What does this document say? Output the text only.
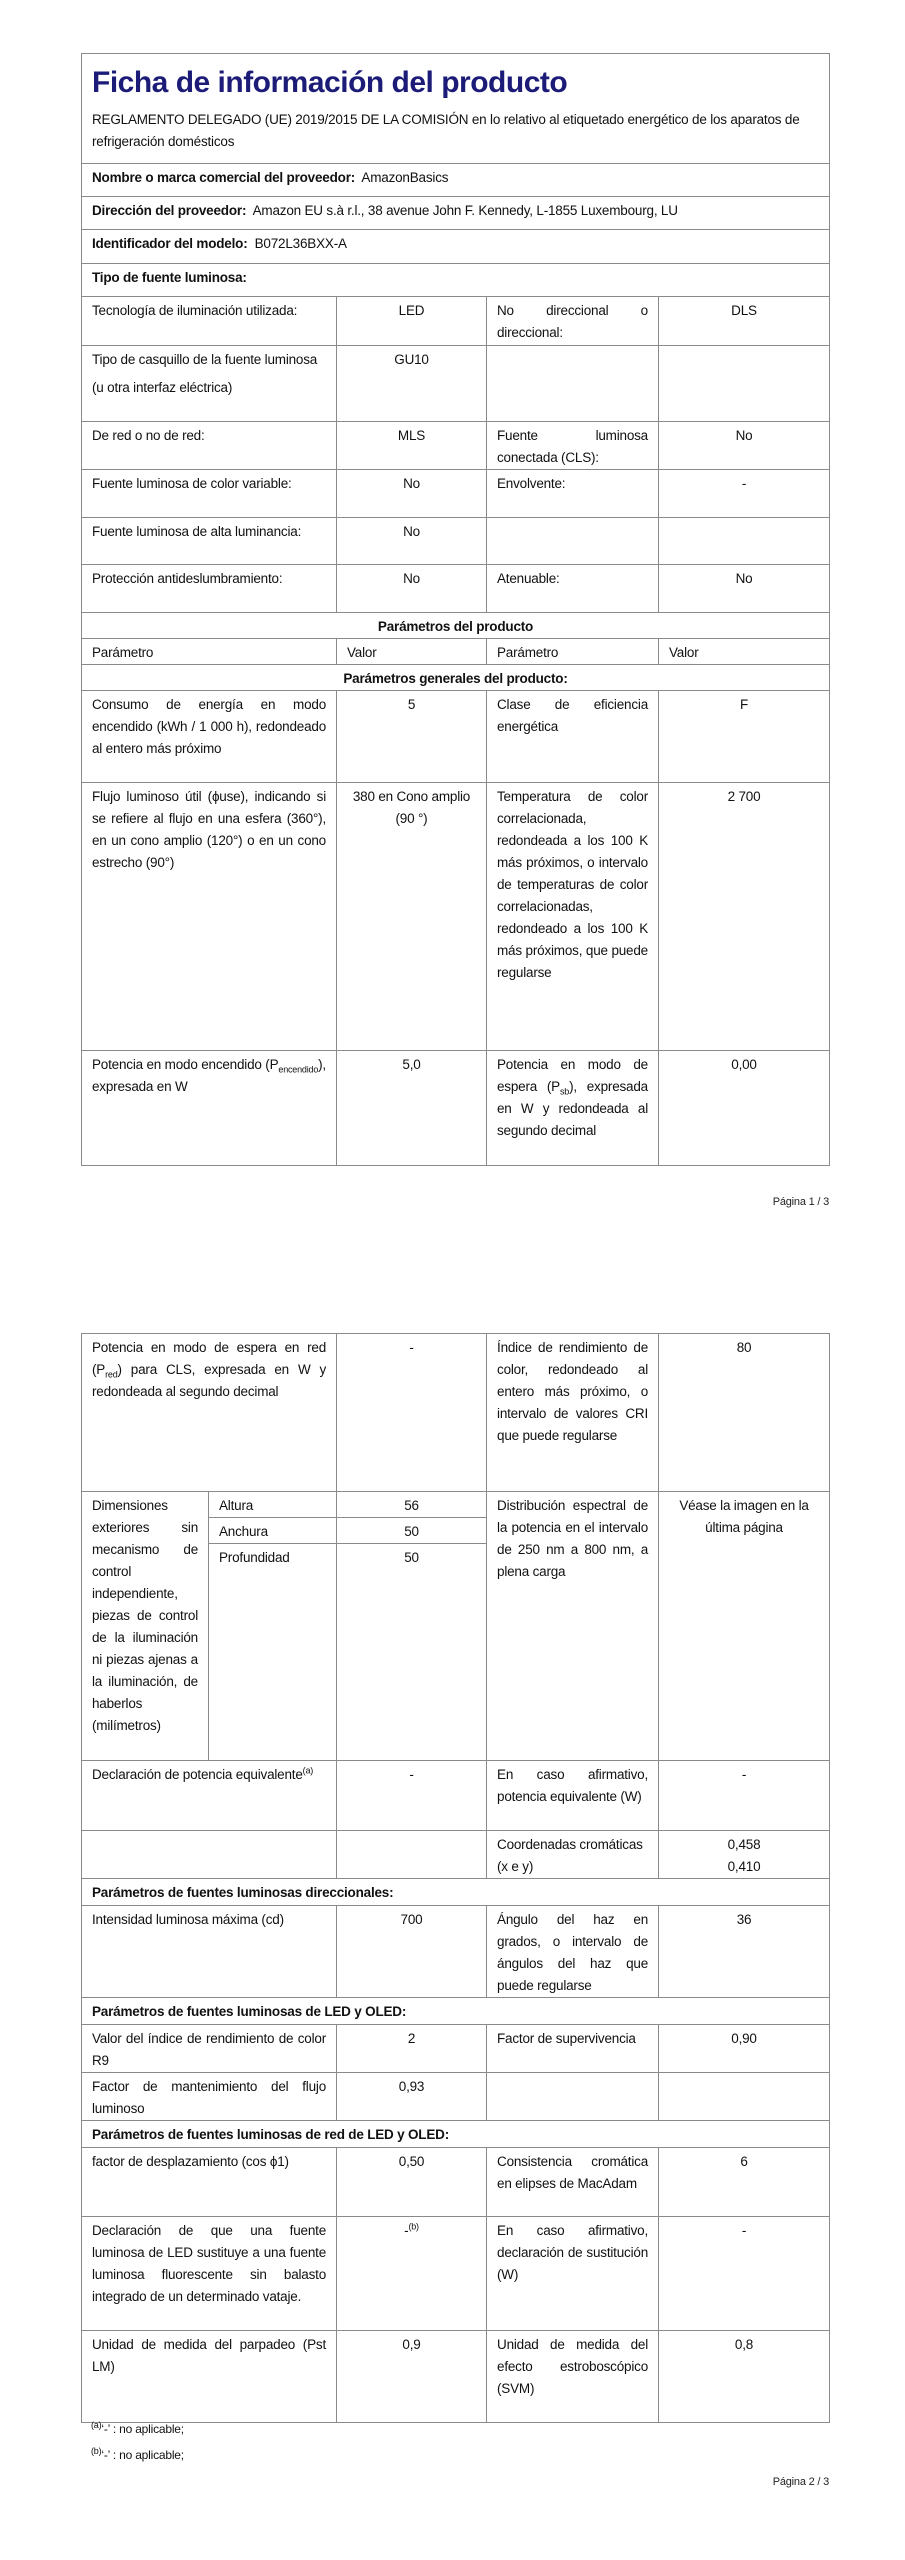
Ficha de información del producto
REGLAMENTO DELEGADO (UE) 2019/2015 DE LA COMISIÓN en lo relativo al etiquetado energético de los aparatos de refrigeración domésticos			

Nombre o marca comercial del proveedor: AmazonBasics			
Dirección del proveedor: Amazon EU s.à r.l., 38 avenue John F. Kennedy, L-1855 Luxembourg, LU			
Identificador del modelo: B072L36BXX-A			
Tipo de fuente luminosa:			
Tecnología de iluminación utilizada:	LED	No direccional o direccional:	DLS

Tipo de casquillo de la fuente luminosa
(u otra interfaz eléctrica)	GU10		
De red o no de red:	MLS	Fuente luminosa conectada (CLS):	No
Fuente luminosa de color variable:	No	Envolvente:	-
Fuente luminosa de alta luminancia:	No		
Protección antideslumbramiento:	No	Atenuable:	No
Parámetros del producto			
Parámetro	Valor	Parámetro	Valor
Parámetros generales del producto:			
Consumo de energía en modo encendido (kWh / 1 000 h), redondeado al entero más próximo	5	Clase de eficiencia energética	F
Flujo luminoso útil (ϕuse), indicando si se refiere al flujo en una esfera (360°), en un cono amplio (120°) o en un cono estrecho (90°)	380 en Cono amplio (90 °)	Temperatura de color correlacionada, redondeada a los 100 K más próximos, o intervalo de temperaturas de color correlacionadas, redondeado a los 100 K más próximos, que puede regularse	2 700
Potencia en modo encendido $(P_{encendido})$, expresada en W	5,0	Potencia en modo de espera $(P_{sb})$, expresada en W y redondeada al segundo decimal	0,00
Página 1 / 3
Potencia en modo de espera en red $(P_{red})$ para CLS, expresada en W y redondeada al segundo decimal		-	Índice de rendimiento de color, redondeado al entero más próximo, o intervalo de valores CRI que puede regularse	80
Dimensiones exteriores sin mecanismo de control independiente, piezas de control de la iluminación ni piezas ajenas a la iluminación, de haberlos (milímetros)	Altura	56	Distribución espectral de la potencia en el intervalo de 250 nm a 800 nm, a plena carga	Véase la imagen en la última página
	Anchura	50		
	Profundidad	50		
Declaración de potencia equivalente$^{(a)}$		-	En caso afirmativo, potencia equivalente (W)	-
			Coordenadas cromáticas (x e y)	0,458
0,410

Parámetros de fuentes luminosas direccionales:				
Intensidad luminosa máxima (cd)		700	Ángulo del haz en grados, o intervalo de ángulos del haz que puede regularse	36
Parámetros de fuentes luminosas de LED y OLED:				
Valor del índice de rendimiento de color R9		2	Factor de supervivencia	0,90
Factor de mantenimiento del flujo luminoso		0,93		
Parámetros de fuentes luminosas de red de LED y OLED:				
factor de desplazamiento (cos ϕ1)		0,50	Consistencia cromática en elipses de MacAdam	6
Declaración de que una fuente luminosa de LED sustituye a una fuente luminosa fluorescente sin balasto integrado de un determinado vataje.		-$^{(b)}$	En caso afirmativo, declaración de sustitución (W)	-
Unidad de medida del parpadeo (Pst LM)		0,9	Unidad de medida del efecto estroboscópico (SVM)	0,8
$^{(a)}$‘-’ : no aplicable;
$^{(b)}$‘-’ : no aplicable;
Página 2 / 3
